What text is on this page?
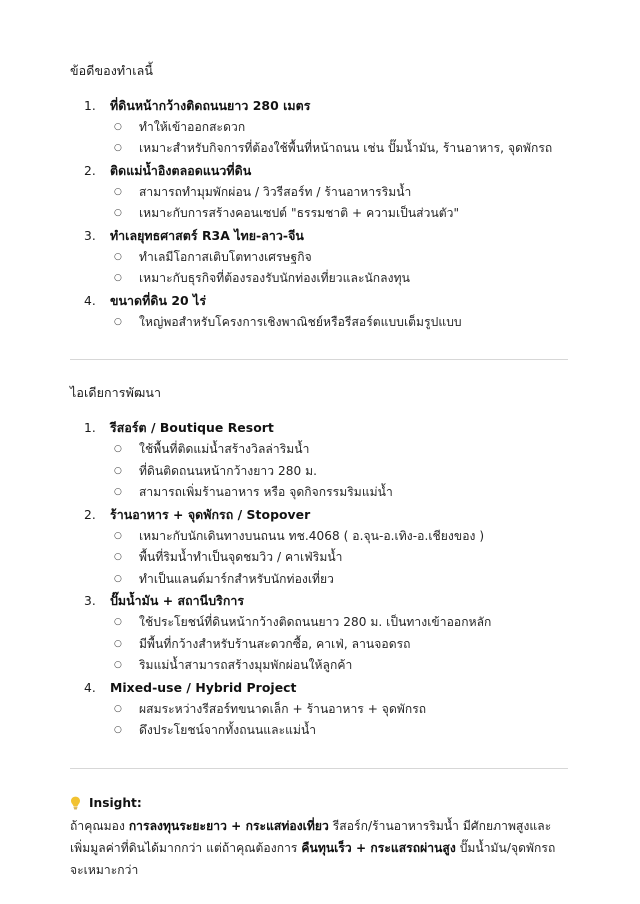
ข้อดีของทำเลนี้
1.	ที่ดินหน้ากว้างติดถนนยาว 280 เมตร
○ ทำให้เข้าออกสะดวก
○ เหมาะสำหรับกิจการที่ต้องใช้พื้นที่หน้าถนน เช่น ปั๊มน้ำมัน, ร้านอาหาร, จุดพักรถ
2.	ติดแม่น้ำอิงตลอดแนวที่ดิน
○ สามารถทำมุมพักผ่อน / วิวรีสอร์ท / ร้านอาหารริมน้ำ
○ เหมาะกับการสร้างคอนเซปต์ "ธรรมชาติ + ความเป็นส่วนตัว"
3.	ทำเลยุทธศาสตร์ R3A ไทย-ลาว-จีน
○ ทำเลมีโอกาสเติบโตทางเศรษฐกิจ
○ เหมาะกับธุรกิจที่ต้องรองรับนักท่องเที่ยวและนักลงทุน
4.	ขนาดที่ดิน 20 ไร่
○ ใหญ่พอสำหรับโครงการเชิงพาณิชย์หรือรีสอร์ตแบบเต็มรูปแบบ
ไอเดียการพัฒนา
1.	รีสอร์ต / Boutique Resort
○ ใช้พื้นที่ติดแม่น้ำสร้างวิลล่าริมน้ำ
○ ที่ดินติดถนนหน้ากว้างยาว 280 ม.
○ สามารถเพิ่มร้านอาหาร หรือ จุดกิจกรรมริมแม่น้ำ
2.	ร้านอาหาร + จุดพักรถ / Stopover
○ เหมาะกับนักเดินทางบนถนน ทช.4068 ( อ.จุน-อ.เทิง-อ.เชียงของ )
○ พื้นที่ริมน้ำทำเป็นจุดชมวิว / คาเฟ่ริมน้ำ
○ ทำเป็นแลนด์มาร์กสำหรับนักท่องเที่ยว
3.	ปั๊มน้ำมัน + สถานีบริการ
○ ใช้ประโยชน์ที่ดินหน้ากว้างติดถนนยาว 280 ม. เป็นทางเข้าออกหลัก
○ มีพื้นที่กว้างสำหรับร้านสะดวกซื้อ, คาเฟ่, ลานจอดรถ
○ ริมแม่น้ำสามารถสร้างมุมพักผ่อนให้ลูกค้า
4.	Mixed-use / Hybrid Project
○ ผสมระหว่างรีสอร์ทขนาดเล็ก + ร้านอาหาร + จุดพักรถ
○ ดึงประโยชน์จากทั้งถนนและแม่น้ำ
Insight:
ถ้าคุณมอง การลงทุนระยะยาว + กระแสท่องเที่ยว รีสอร์ก/ร้านอาหารริมน้ำ มีศักยภาพสูงและเพิ่มมูลค่าที่ดินได้มากกว่า แต่ถ้าคุณต้องการ คืนทุนเร็ว + กระแสรถผ่านสูง ปั๊มน้ำมัน/จุดพักรถจะเหมาะกว่า
